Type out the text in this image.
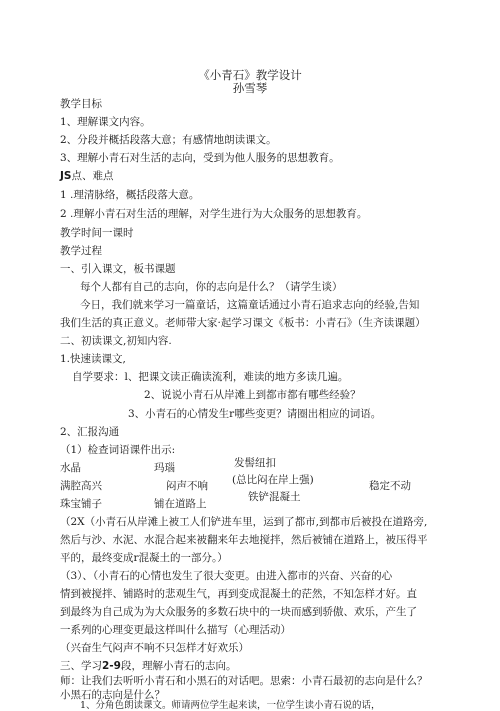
《小青石》教学设计
孙雪琴
教学目标
1、理解课文内容。
2、分段并概括段落大意；有感情地朗读课文。
3、理解小青石对生活的志向，受到为他人服务的思想教育。
JS点、难点
1 .理清脉络，概括段落大意。
2 .理解小青石对生活的理解，对学生进行为大众服务的思想教育。
教学时间一课时
教学过程
一、引入课文，板书课题
每个人都有自己的志向，你的志向是什么？（请学生谈）
今日，我们就来学习一篇童话，这篇童话通过小青石追求志向的经验,告知
我们生活的真正意义。老师带大家·起学习课文《板书：小青石》（生齐读课题）
二、初读课文,初知内容.
1.快速读课文,
自学要求：l、把课文读正确读流利，难读的地方多读几遍。
2、说说小青石从岸滩上到都市都有哪些经验？
3、小青石的心情发生r哪些变更？请圈出相应的词语。
2、汇报沟通
（1）检查词语课件出示:
水晶	玛瑙	发髻纽扣
满腔高兴	闷声不响 (总比闷在岸上强)	稳定不动
珠宝铺子	铺在道路上
铁铲混凝土
（2X（小青石从岸滩上被工人们铲进车里，运到了都市,到都市后被投在道路旁,
然后与沙、水泥、水混合起来被翻来年去地搅拌，然后被铺在道路上，被压得平
平的，最终变成r混凝土的一部分。）
（3）、（小青石的心情也发生了很大变更。由进入都市的兴奋、兴奋的心
情到被搅拌、铺路时的悲观生气，再到变成混凝土的茫然，不知怎样才好。直
到最终为自己成为为大众服务的多数石块中的一块而感到骄傲、欢乐，产生了
一系列的心理变更最这样叫什么描写（心理活动）
（兴奋生气闷声不响不只怎样才好欢乐）
三、学习2-9段，理解小青石的志向。
师：让我们去听听小青石和小黑石的对话吧。思索：小青石最初的志向是什么？
小黑石的志向是什么？
1、分角色朗读课文。师请两位学生起来读，一位学生读小青石说的话，
